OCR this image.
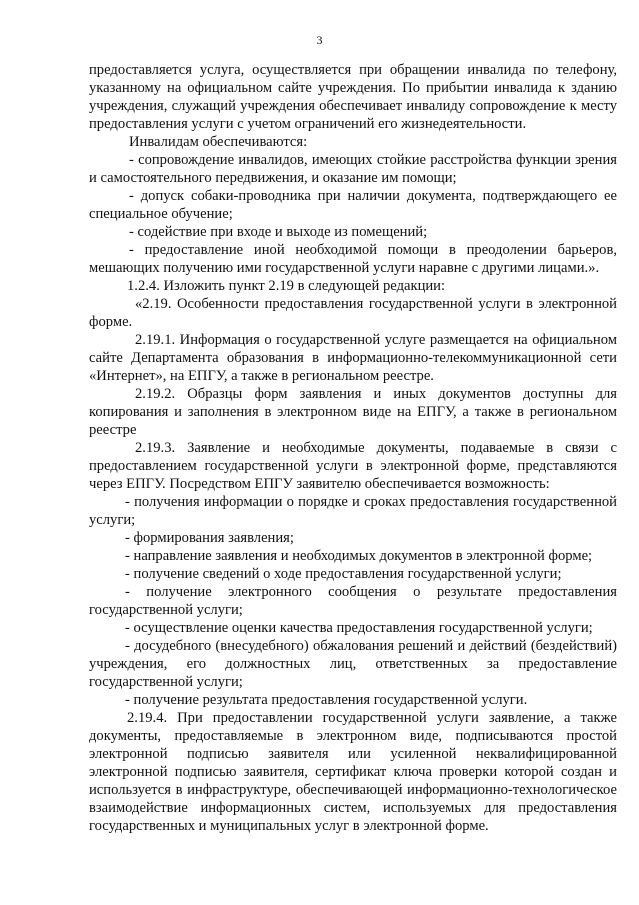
3

предоставляется услуга, осуществляется при обращении инвалида по телефону, указанному на официальном сайте учреждения. По прибытии инвалида к зданию учреждения, служащий учреждения обеспечивает инвалиду сопровождение к месту предоставления услуги с учетом ограничений его жизнедеятельности.

Инвалидам обеспечиваются:

- сопровождение инвалидов, имеющих стойкие расстройства функции зрения и самостоятельного передвижения, и оказание им помощи;

- допуск собаки-проводника при наличии документа, подтверждающего ее специальное обучение;

- содействие при входе и выходе из помещений;

- предоставление иной необходимой помощи в преодолении барьеров, мешающих получению ими государственной услуги наравне с другими лицами.».

1.2.4. Изложить пункт 2.19 в следующей редакции:

«2.19. Особенности предоставления государственной услуги в электронной форме.

2.19.1. Информация о государственной услуге размещается на официальном сайте Департамента образования в информационно-телекоммуникационной сети «Интернет», на ЕПГУ, а также в региональном реестре.

2.19.2. Образцы форм заявления и иных документов доступны для копирования и заполнения в электронном виде на ЕПГУ, а также в региональном реестре

2.19.3. Заявление и необходимые документы, подаваемые в связи с предоставлением государственной услуги в электронной форме, представляются через ЕПГУ. Посредством ЕПГУ заявителю обеспечивается возможность:

- получения информации о порядке и сроках предоставления государственной услуги;

- формирования заявления;

- направление заявления и необходимых документов в электронной форме;

- получение сведений о ходе предоставления государственной услуги;

- получение электронного сообщения о результате предоставления государственной услуги;

- осуществление оценки качества предоставления государственной услуги;

- досудебного (внесудебного) обжалования решений и действий (бездействий) учреждения, его должностных лиц, ответственных за предоставление государственной услуги;

- получение результата предоставления государственной услуги.

2.19.4. При предоставлении государственной услуги заявление, а также документы, предоставляемые в электронном виде, подписываются простой электронной подписью заявителя или усиленной неквалифицированной электронной подписью заявителя, сертификат ключа проверки которой создан и используется в инфраструктуре, обеспечивающей информационно-технологическое взаимодействие информационных систем, используемых для предоставления государственных и муниципальных услуг в электронной форме.
